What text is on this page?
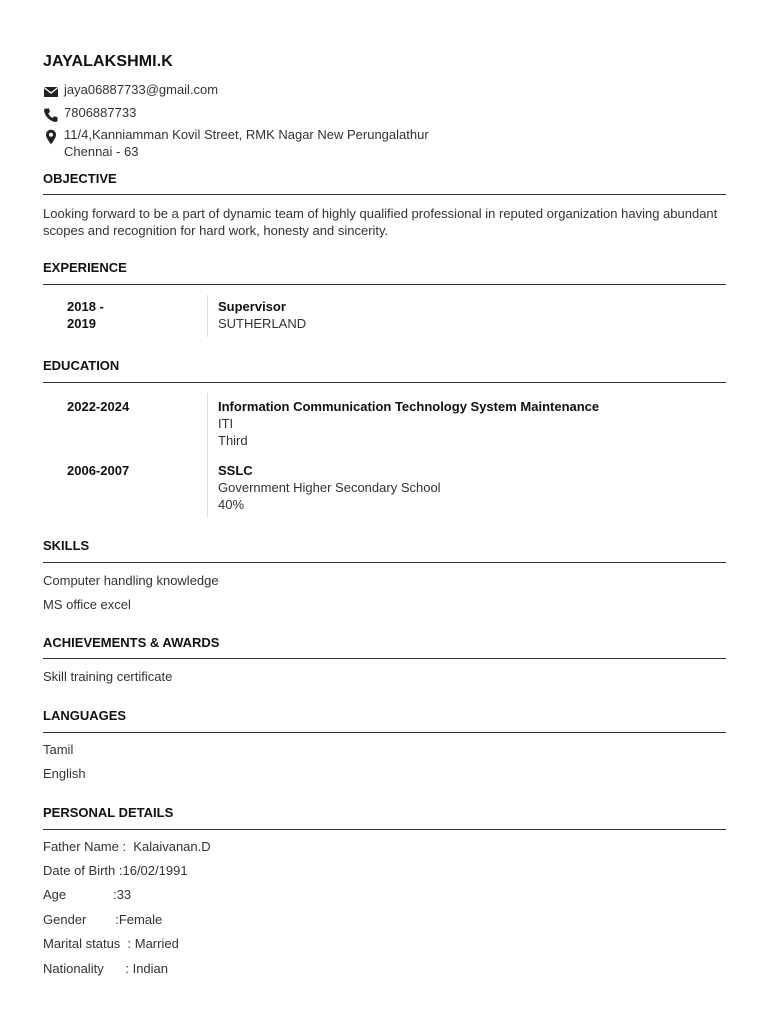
JAYALAKSHMI.K
jaya06887733@gmail.com
7806887733
11/4,Kanniamman Kovil Street, RMK Nagar New Perungalathur
Chennai - 63
OBJECTIVE
Looking forward to be a part of dynamic team of highly qualified professional in reputed organization having abundant scopes and recognition for hard work, honesty and sincerity.
EXPERIENCE
2018 -
2019
Supervisor
SUTHERLAND
EDUCATION
2022-2024	Information Communication Technology System Maintenance
ITI
Third
2006-2007	SSLC
Government Higher Secondary School
40%
SKILLS
Computer handling knowledge
MS office excel
ACHIEVEMENTS & AWARDS
Skill training certificate
LANGUAGES
Tamil
English
PERSONAL DETAILS
Father Name :  Kalaivanan.D
Date of Birth :16/02/1991
Age             :33
Gender        :Female
Marital status  : Married
Nationality      : Indian
